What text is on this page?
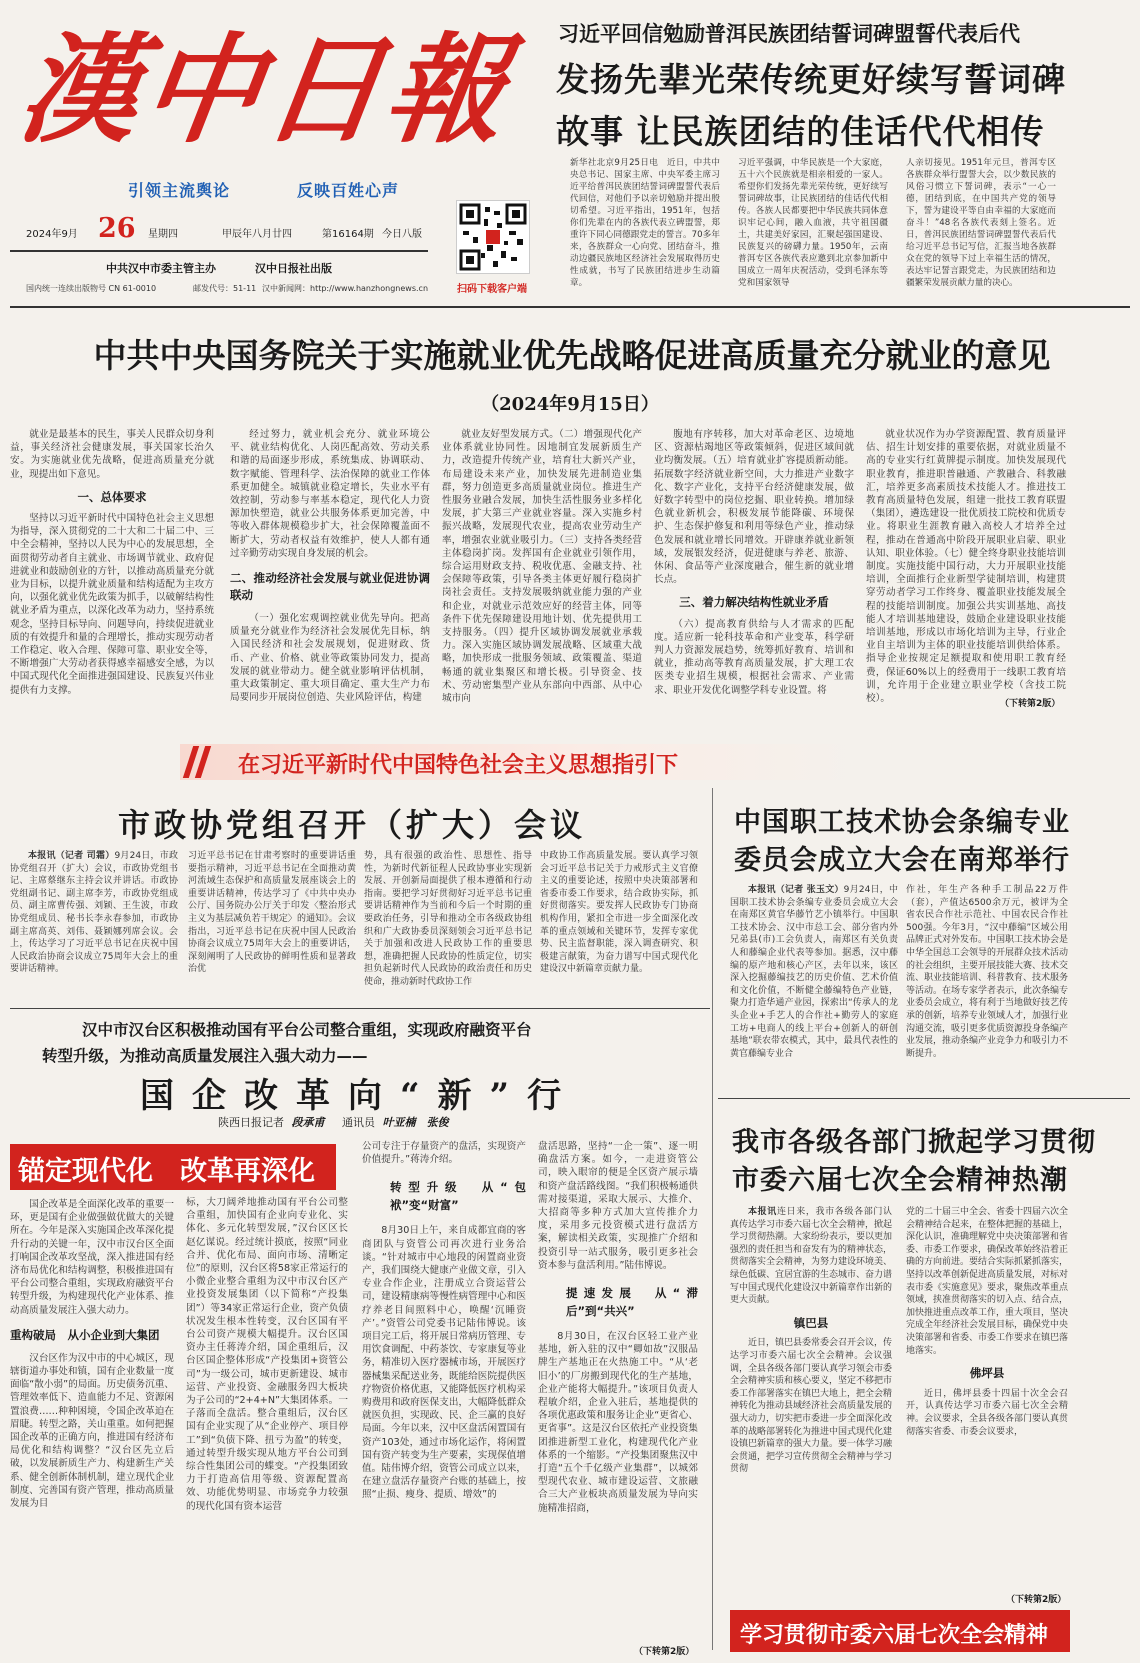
漢中日報
引领主流舆论	反映百姓心声
2024年9月 26 星期四	甲辰年八月廿四	第16164期 今日八版
中共汉中市委主管主办	汉中日报社出版
国内统一连续出版物号 CN 61-0010	邮发代号：51-11 汉中新闻网：http://www.hanzhongnews.cn	扫码下载客户端
习近平回信勉励普洱民族团结誓词碑盟誓代表后代
发扬先辈光荣传统更好续写誓词碑
故事 让民族团结的佳话代代相传
新华社北京9月25日电　近日，中共中央总书记、国家主席、中央军委主席习近平给普洱民族团结誓词碑盟誓代表后代回信，对他们予以亲切勉励并提出殷切希望。习近平指出，1951年，包括你们先辈在内的各族代表立碑盟誓，郑重许下同心同德跟党走的誓言。70多年来，各族群众一心向党、团结奋斗，推动边疆民族地区经济社会发展取得历史性成就，书写了民族团结进步生动篇章。
习近平强调，中华民族是一个大家庭，五十六个民族就是相亲相爱的一家人。希望你们发扬先辈光荣传统，更好续写誓词碑故事，让民族团结的佳话代代相传。各族人民都要把中华民族共同体意识牢记心间，融入血液，共守祖国疆土，共建美好家园，汇聚起强国建设、民族复兴的磅礴力量。1950年，云南普洱专区各族代表应邀到北京参加新中国成立一周年庆祝活动，受到毛泽东等党和国家领导
人亲切接见。1951年元旦，普洱专区各族群众举行盟誓大会，以少数民族的风俗习惯立下誓词碑，表示“一心一德，团结到底，在中国共产党的领导下，誓为建设平等自由幸福的大家庭而奋斗！”48名各族代表刻上签名。近日，普洱民族团结誓词碑盟誓代表后代给习近平总书记写信，汇报当地各族群众在党的领导下过上幸福生活的情况，表达牢记誓言跟党走，为民族团结和边疆繁荣发展贡献力量的决心。
中共中央国务院关于实施就业优先战略促进高质量充分就业的意见
（2024年9月15日）

就业是最基本的民生，事关人民群众切身利益，事关经济社会健康发展，事关国家长治久安。为实施就业优先战略，促进高质量充分就业，现提出如下意见。

一、总体要求

坚持以习近平新时代中国特色社会主义思想为指导，深入贯彻党的二十大和二十届二中、三中全会精神，坚持以人民为中心的发展思想，全面贯彻劳动者自主就业、市场调节就业、政府促进就业和鼓励创业的方针，以推动高质量充分就业为目标，以提升就业质量和结构适配为主攻方向，以强化就业优先政策为抓手，以破解结构性就业矛盾为重点，以深化改革为动力，坚持系统观念，坚持目标导向、问题导向，持续促进就业质的有效提升和量的合理增长，推动实现劳动者工作稳定、收入合理、保障可靠、职业安全等，不断增强广大劳动者获得感幸福感安全感，为以中国式现代化全面推进强国建设、民族复兴伟业提供有力支撑。

经过努力，就业机会充分、就业环境公平、就业结构优化、人岗匹配高效、劳动关系和谐的局面逐步形成，系统集成、协调联动、数字赋能、管理科学、法治保障的就业工作体系更加健全。城镇就业稳定增长，失业水平有效控制，劳动参与率基本稳定，现代化人力资源加快塑造，就业公共服务体系更加完善，中等收入群体规模稳步扩大，社会保障覆盖面不断扩大，劳动者权益有效维护，使人人都有通过辛勤劳动实现自身发展的机会。

二、推动经济社会发展与就业促进协调联动

（一）强化宏观调控就业优先导向。把高质量充分就业作为经济社会发展优先目标，纳入国民经济和社会发展规划，促进财政、货币、产业、价格、就业等政策协同发力，提高发展的就业带动力。健全就业影响评估机制，重大政策制定、重大项目确定、重大生产力布局要同步开展岗位创造、失业风险评估，构建

就业友好型发展方式。（二）增强现代化产业体系就业协同性。因地制宜发展新质生产力，改造提升传统产业，培育壮大新兴产业，布局建设未来产业，加快发展先进制造业集群，努力创造更多高质量就业岗位。推进生产性服务业融合发展，加快生活性服务业多样化发展，扩大第三产业就业容量。深入实施乡村振兴战略，发展现代农业，提高农业劳动生产率，增强农业就业吸引力。（三）支持各类经营主体稳岗扩岗。发挥国有企业就业引领作用，综合运用财政支持、税收优惠、金融支持、社会保障等政策，引导各类主体更好履行稳岗扩岗社会责任。支持发展吸纳就业能力强的产业和企业，对就业示范效应好的经营主体，同等条件下优先保障建设用地计划、优先提供用工支持服务。（四）提升区域协调发展就业承载力。深入实施区域协调发展战略、区域重大战略，加快形成一批服务领域、政策覆盖、渠道畅通的就业集聚区和增长极。引导资金、技术、劳动密集型产业从东部向中西部、从中心城市向

腹地有序转移，加大对革命老区、边境地区、资源枯竭地区等政策倾斜，促进区域间就业均衡发展。（五）培育就业扩容提质新动能。拓展数字经济就业新空间，大力推进产业数字化、数字产业化，支持平台经济健康发展，做好数字转型中的岗位挖掘、职业转换。增加绿色就业新机会，积极发展节能降碳、环境保护、生态保护修复和利用等绿色产业，推动绿色发展和就业增长同增效。开辟康养就业新领域，发展银发经济，促进健康与养老、旅游、休闲、食品等产业深度融合，催生新的就业增长点。

三、着力解决结构性就业矛盾

（六）提高教育供给与人才需求的匹配度。适应新一轮科技革命和产业变革，科学研判人力资源发展趋势，统筹抓好教育、培训和就业，推动高等教育高质量发展，扩大理工农医类专业招生规模，根据社会需求、产业需求、职业开发优化调整学科专业设置。将

就业状况作为办学资源配置、教育质量评估、招生计划安排的重要依据，对就业质量不高的专业实行红黄牌提示制度。加快发展现代职业教育，推进职普融通、产教融合、科教融汇，培养更多高素质技术技能人才。推进技工教育高质量特色发展，组建一批技工教育联盟（集团），遴选建设一批优质技工院校和优质专业。将职业生涯教育融入高校人才培养全过程，推动在普通高中阶段开展职业启蒙、职业认知、职业体验。（七）健全终身职业技能培训制度。实施技能中国行动，大力开展职业技能培训，全面推行企业新型学徒制培训，构建贯穿劳动者学习工作终身、覆盖职业技能发展全程的技能培训制度。加强公共实训基地、高技能人才培训基地建设，鼓励企业建设职业技能培训基地，形成以市场化培训为主导，行业企业自主培训为主体的职业技能培训供给体系。指导企业按规定足额提取和使用职工教育经费，保证60%以上的经费用于一线职工教育培训，允许用于企业建立职业学校（含技工院校）。	（下转第2版）
在习近平新时代中国特色社会主义思想指引下
市政协党组召开（扩大）会议

本报讯（记者 司霜）9月24日，市政协党组召开（扩大）会议，市政协党组书记、主席蔡继东主持会议并讲话。市政协党组副书记、副主席李芳，市政协党组成员、副主席曹传强、刘颖、王生波，市政协党组成员、秘书长李永春参加，市政协副主席高英、刘伟、聂颖娜列席会议。会上，传达学习了习近平总书记在庆祝中国人民政治协商会议成立75周年大会上的重要讲话精神。

习近平总书记在甘肃考察时的重要讲话重要指示精神，习近平总书记在全面推动黄河流域生态保护和高质量发展座谈会上的重要讲话精神，传达学习了《中共中央办公厅、国务院办公厅关于印发〈整治形式主义为基层减负若干规定〉的通知》。会议指出，习近平总书记在庆祝中国人民政治协商会议成立75周年大会上的重要讲话，深刻阐明了人民政协的鲜明性质和显著政治优
势，具有很强的政治性、思想性、指导性，为新时代新征程人民政协事业实现新发展、开创新局面提供了根本遵循和行动指南。要把学习好贯彻好习近平总书记重要讲话精神作为当前和今后一个时期的重要政治任务，引导和推动全市各级政协组织和广大政协委员深刻领会习近平总书记关于加强和改进人民政协工作的重要思想，准确把握人民政协的性质定位，切实担负起新时代人民政协的政治责任和历史使命，推动新时代政协工作
中政协工作高质量发展。要认真学习领会习近平总书记关于力戒形式主义官僚主义的重要论述，按照中央决策部署和省委市委工作要求，结合政协实际，抓好贯彻落实。要发挥人民政协专门协商机构作用，紧扣全市进一步全面深化改革的重点领域和关键环节，发挥专家优势、民主监督职能，深入调查研究、积极建言献策，为奋力谱写中国式现代化建设汉中新篇章贡献力量。
汉中市汉台区积极推动国有平台公司整合重组，实现政府融资平台
转型升级，为推动高质量发展注入强大动力——
国企改革向“新”行
陕西日报记者 段承甫 通讯员 叶亚楠　张俊
锚定现代化　改革再深化

国企改革是全面深化改革的重要一环，更是国有企业做强做优做大的关键所在。今年是深入实施国企改革深化提升行动的关键一年，汉中市汉台区全面打响国企改革攻坚战，深入推进国有经济布局优化和结构调整，积极推进国有平台公司整合重组，实现政府融资平台转型升级，为构建现代化产业体系、推动高质量发展注入强大动力。

重构破局　从小企业到大集团

汉台区作为汉中市的中心城区，现辖街道办事处和镇，国有企业数量一度面临“散小弱”的局面。历史债务沉重、管理效率低下、造血能力不足、资源闲置浪费……种种困境，令国企改革迫在眉睫。转型之路，关山重重。如何把握国企改革的正确方向，推进国有经济布局优化和结构调整？“汉台区先立后破，以发展新质生产力、构建新生产关系、健全创新体制机制，建立现代企业制度、完善国有资产管理，推动高质量发展为目

标，大刀阔斧地推动国有平台公司整合重组，加快国有企业向专业化、实体化、多元化转型发展，”汉台区区长赵亿谋说。经过统计摸底，按照“同业合并、优化布局、面向市场、清晰定位”的原则，汉台区将58家正常运行的小微企业整合重组为汉中市汉台区产业投资发展集团（以下简称“产投集团”）等34家正常运行企业，资产负债状况发生根本性转变，汉台区国有平台公司资产规模大幅提升。汉台区国资办主任蒋涛介绍，国企重组后，汉台区国企整体形成“产投集团+资管公司”为一级公司，城市更新建设、城市运营、产业投资、金融服务四大板块为子公司的“2+4+N”大集团体系。一子落而全盘活。整合重组后，汉台区国有企业实现了从“企业停产、项目停工”到“负债下降、扭亏为盈”的转变，通过转型升级实现从地方平台公司到综合性集团公司的蝶变。“产投集团致力于打造高信用等级、资源配置高效、功能优势明显、市场竞争力较强的现代化国有资本运营

公司专注于存量资产的盘活，实现资产价值提升。”蒋涛介绍。

转型升级　从“包袱”变“财富”

8月30日上午，来自成都宜商的客商团队与资管公司再次进行业务洽谈。“针对城市中心地段的闲置商业资产，我们围绕大健康产业做文章，引入专业合作企业，注册成立合资运营公司，建设精康病等慢性病管理中心和医疗养老目间照料中心，唤醒‘沉睡资产’。”资管公司党委书记陆伟博说。该项目完工后，将开展日常病历管理、专用饮食调配、中药茶饮、专家康复等业务，精准切入医疗器械市场，开展医疗器械集采配送业务，既能给医院提供医疗物资价格优惠，又能降低医疗机构采购费用和政府医保支出，大幅降低群众就医负担，实现政、民、企三赢的良好局面。今年以来，汉中区盘活闲置国有资产103处，通过市场化运作，将闲置国有资产转变为生产要素，实现保值增值。陆伟博介绍，资管公司成立以来，在建立盘活存量资产台账的基础上，按照“止损、瘦身、提质、增效”的

盘活思路，坚持“一企一策”、逐一明确盘活方案。如今，一走进资管公司，映入眼帘的便是全区资产展示墙和资产盘活路线图。“我们积极畅通供需对接渠道，采取大展示、大推介、大招商等多种方式加大宣传推介力度，采用多元投资模式进行盘活方案，解读相关政策，实现推广介绍和投资引导一站式服务，吸引更多社会资本参与盘活利用。”陆伟博说。

提速发展　从“滞后”到“共兴”

8月30日，在汉台区轻工业产业基地，新入驻的汉中“卿如故”汉服品牌生产基地正在火热施工中。“从‘老旧小’的厂房搬到现代化的生产基地，企业产能将大幅提升。”该项目负责人程敏介绍，企业入驻后，基地提供的各项优惠政策和服务让企业“更省心、更省事”。这是汉台区依托产业投资集团推进新型工业化，构建现代化产业体系的一个缩影。“产投集团聚焦汉中打造“五个千亿级产业集群”，以城郊型现代农业、城市建设运营、文旅融合三大产业板块高质量发展为导向实施精准招商，

（下转第2版）
中国职工技术协会条编专业
委员会成立大会在南郑举行

本报讯（记者 张玉文）9月24日，中国职工技术协会条编专业委员会成立大会在南郑区黄官华藤竹艺小镇举行。中国职工技术协会、汉中市总工会、部分省内外兄弟县(市)工会负责人，南郑区有关负责人和藤编企业代表等参加。据悉，汉中藤编的原产地和核心产区，去年以来，该区深入挖掘藤编技艺的历史价值、艺术价值和文化价值，不断健全藤编特色产业链，聚力打造华通产业园，探索出“传承人的龙头企业+手艺人的合作社+勤劳人的家庭工坊+电商人的线上平台+创新人的研创基地”联农带农模式，其中，最具代表性的黄官藤编专业合

作社，年生产各种手工制品22万件（套），产值达6500余万元，被评为全省农民合作社示范社、中国农民合作社500强。今年3月，“汉中藤编”区域公用品牌正式对外发布。中国职工技术协会是中华全国总工会领导的开展群众技术活动的社会组织，主要开展技能大赛、技术交流、职业技能培训、科普教育、技术服务等活动。在场专家学者表示，此次条编专业委员会成立，将有利于当地做好技艺传承的创新，培养专业领域人才，加强行业沟通交流，吸引更多优质资源投身条编产业发展，推动条编产业竞争力和吸引力不断提升。
我市各级各部门掀起学习贯彻
市委六届七次全会精神热潮

本报讯连日来，我市各级各部门认真传达学习市委六届七次全会精神，掀起学习贯彻热潮。大家纷纷表示，要以更加强烈的责任担当和奋发有为的精神状态，贯彻落实全会精神，为努力建设环境美、绿色低碳、宜居宜游的生态城市、奋力谱写中国式现代化建设汉中新篇章作出新的更大贡献。

镇巴县

近日，镇巴县委常委会召开会议，传达学习市委六届七次全会精神。会议强调，全县各级各部门要认真学习领会市委全会精神实质和核心要义，坚定不移把市委工作部署落实在镇巴大地上，把全会精神转化为推动县域经济社会高质量发展的强大动力，切实把市委进一步全面深化改革的战略部署转化为推进中国式现代化建设镇巴新篇章的强大力量。要一体学习融会贯通，把学习宣传贯彻全会精神与学习贯彻

党的二十届三中全会、省委十四届六次全会精神结合起来，在整体把握的基础上，深化认识，准确理解党中央决策部署和省委、市委工作要求，确保改革始终沿着正确的方向前进。要结合实际抓紧抓落实，坚持以改革创新促进高质量发展，对标对表市委《实施意见》要求，聚焦改革重点领域，挟准贯彻落实的切入点、结合点，加快推进重点改革工作，重大项目，坚决完成全年经济社会发展目标，确保党中央决策部署和省委、市委工作要求在镇巴落地落实。

佛坪县

近日，佛坪县委十四届十次全会召开，认真传达学习市委六届七次全会精神。会议要求，全县各级各部门要认真贯彻落实省委、市委会议要求，

（下转第2版）
学习贯彻市委六届七次全会精神
